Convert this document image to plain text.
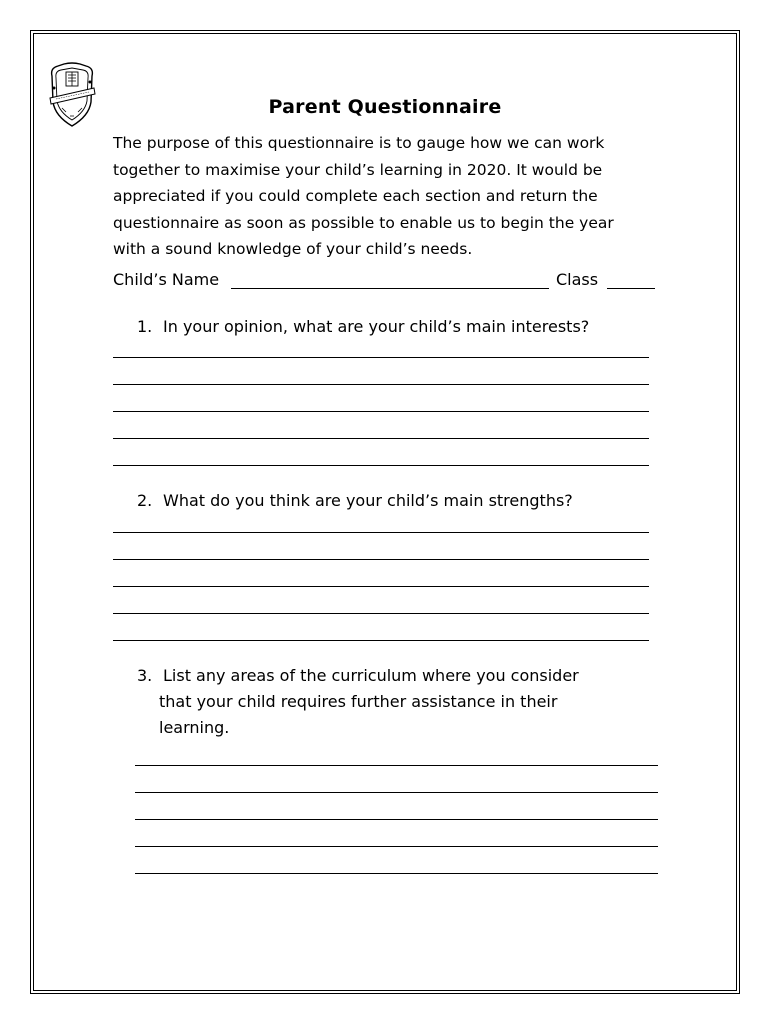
Parent Questionnaire
The purpose of this questionnaire is to gauge how we can work
together to maximise your child’s learning in 2020. It would be
appreciated if you could complete each section and return the
questionnaire as soon as possible to enable us to begin the year
with a sound knowledge of your child’s needs.
Child’s Name	Class
1. In your opinion, what are your child’s main interests?
2. What do you think are your child’s main strengths?
3. List any areas of the curriculum where you consider
that your child requires further assistance in their
learning.
